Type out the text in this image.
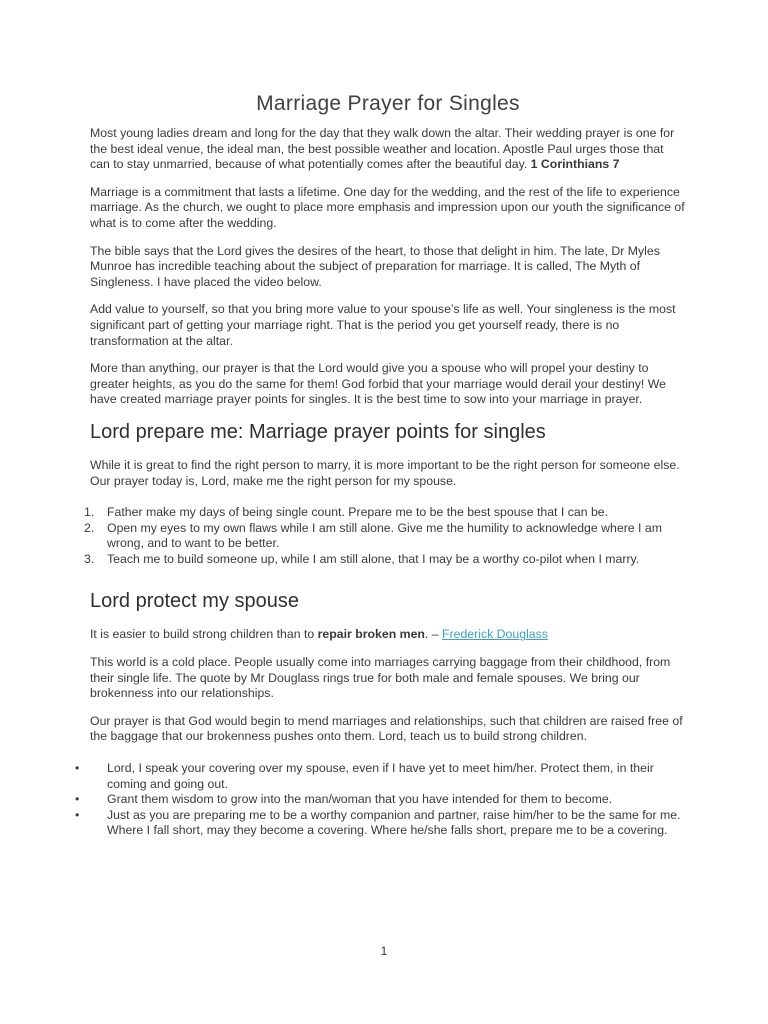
Marriage Prayer for Singles

Most young ladies dream and long for the day that they walk down the altar. Their wedding prayer is one for the best ideal venue, the ideal man, the best possible weather and location. Apostle Paul urges those that can to stay unmarried, because of what potentially comes after the beautiful day. 1 Corinthians 7

Marriage is a commitment that lasts a lifetime. One day for the wedding, and the rest of the life to experience marriage. As the church, we ought to place more emphasis and impression upon our youth the significance of what is to come after the wedding.

The bible says that the Lord gives the desires of the heart, to those that delight in him. The late, Dr Myles Munroe has incredible teaching about the subject of preparation for marriage. It is called, The Myth of Singleness. I have placed the video below.

Add value to yourself, so that you bring more value to your spouse’s life as well. Your singleness is the most significant part of getting your marriage right. That is the period you get yourself ready, there is no transformation at the altar.

More than anything, our prayer is that the Lord would give you a spouse who will propel your destiny to greater heights, as you do the same for them! God forbid that your marriage would derail your destiny! We have created marriage prayer points for singles. It is the best time to sow into your marriage in prayer.

Lord prepare me: Marriage prayer points for singles

While it is great to find the right person to marry, it is more important to be the right person for someone else. Our prayer today is, Lord, make me the right person for my spouse.

1. Father make my days of being single count. Prepare me to be the best spouse that I can be.
2. Open my eyes to my own flaws while I am still alone. Give me the humility to acknowledge where I am wrong, and to want to be better.
3. Teach me to build someone up, while I am still alone, that I may be a worthy co-pilot when I marry.
Lord protect my spouse

It is easier to build strong children than to repair broken men. – Frederick Douglass

This world is a cold place. People usually come into marriages carrying baggage from their childhood, from their single life. The quote by Mr Douglass rings true for both male and female spouses. We bring our brokenness into our relationships.

Our prayer is that God would begin to mend marriages and relationships, such that children are raised free of the baggage that our brokenness pushes onto them. Lord, teach us to build strong children.

• Lord, I speak your covering over my spouse, even if I have yet to meet him/her. Protect them, in their coming and going out.
• Grant them wisdom to grow into the man/woman that you have intended for them to become.
• Just as you are preparing me to be a worthy companion and partner, raise him/her to be the same for me. Where I fall short, may they become a covering. Where he/she falls short, prepare me to be a covering.
1
